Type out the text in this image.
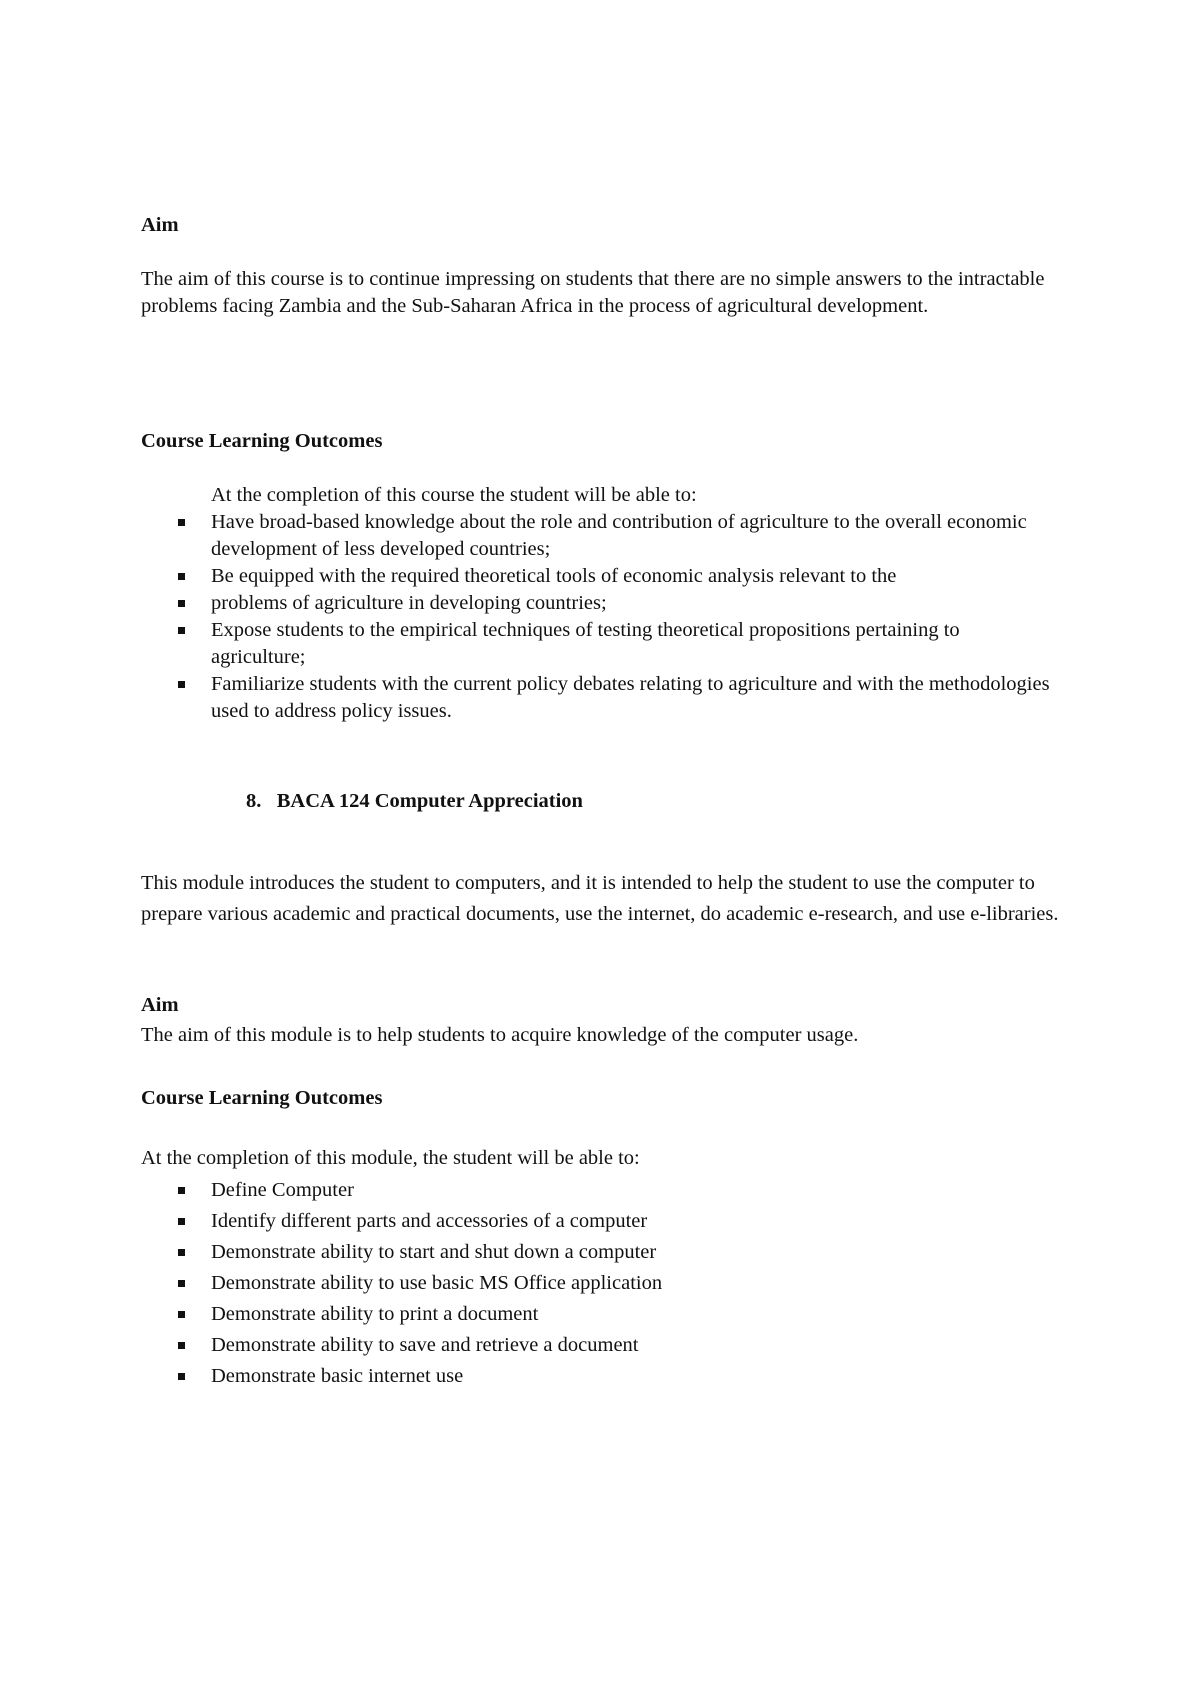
Aim

The aim of this course is to continue impressing on students that there are no simple answers to the intractable problems facing Zambia and the Sub-Saharan Africa in the process of agricultural development.

Course Learning Outcomes

At the completion of this course the student will be able to:

Have broad-based knowledge about the role and contribution of agriculture to the overall economic development of less developed countries;
Be equipped with the required theoretical tools of economic analysis relevant to the
problems of agriculture in developing countries;
Expose students to the empirical techniques of testing theoretical propositions pertaining to agriculture;
Familiarize students with the current policy debates relating to agriculture and with the methodologies used to address policy issues.

8. BACA 124 Computer Appreciation

This module introduces the student to computers, and it is intended to help the student to use the computer to prepare various academic and practical documents, use the internet, do academic e-research, and use e-libraries.

Aim

The aim of this module is to help students to acquire knowledge of the computer usage.

Course Learning Outcomes

At the completion of this module, the student will be able to:

Define Computer
Identify different parts and accessories of a computer
Demonstrate ability to start and shut down a computer
Demonstrate ability to use basic MS Office application
Demonstrate ability to print a document
Demonstrate ability to save and retrieve a document
Demonstrate basic internet use
